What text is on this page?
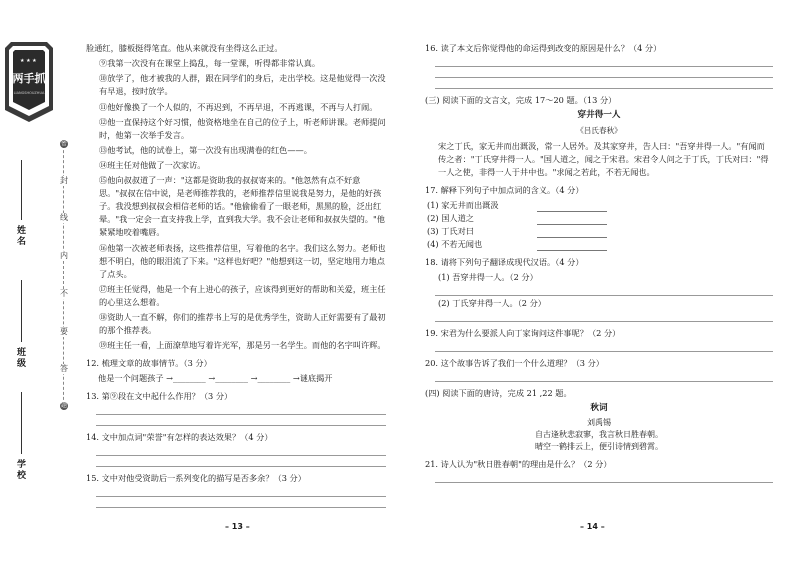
★ ★ ★
两手抓
LIANGSHOUZHUA
姓名
班级
学校
密
封
线
内
不
要
答
题

脸通红，膝板挺得笔直。他从来就没有坐得这么正过。

⑨我第一次没有在课堂上捣乱，每一堂课，听得都非常认真。

⑩放学了，他才被我的人群，跟在同学们的身后，走出学校。这是他觉得一次没有早退，按时放学。

⑪他好像换了一个人似的，不再迟到，不再早退，不再逃课，不再与人打闹。

⑫他一直保持这个好习惯，他资格地坐在自己的位子上，听老师讲课。老师提问时，他第一次举手发言。

⑬他考试，他的试卷上，第一次没有出现满卷的红色——。

⑭班主任对他做了一次家访。

⑮他向叔叔道了一声："这都是资助我的叔叔寄来的。"他忽然有点不好意思。"叔叔在信中说，是老师推荐我的，老师推荐信里说我是努力，是他的好孩子。我没想到叔叔会相信老师的话。"他偷偷看了一眼老师，黑黑的脸，泛出红晕。"我一定会一直支持我上学，直到我大学。我不会让老师和叔叔失望的。"他紧紧地咬着嘴唇。

⑯他第一次被老师表扬，这些推荐信里，写着他的名字。我们这么努力。老师也想不明白，他的眼泪流了下来。"这样也好吧？"他想到这一切，坚定地用力地点了点头。

⑰班主任觉得，他是一个有上进心的孩子，应该得到更好的帮助和关爱，班主任的心里这么想着。

⑱资助人一直不解，你们的推荐书上写的是优秀学生，资助人正好需要有了最初的那个推荐表。

⑲班主任一看，上面潦草地写着许光军，那是另一名学生。而他的名字叫许辉。

12. 梳理文章的故事情节。（3 分）

他是一个问题孩子 →________ →________ →________ →谜底揭开

13. 第⑨段在文中起什么作用？（3 分）

14. 文中加点词"荣誉"有怎样的表达效果？（4 分）

15. 文中对他受资助后一系列变化的描写是否多余？（3 分）

– 13 –

16. 读了本文后你觉得他的命运得到改变的原因是什么？（4 分）

(三) 阅读下面的文言文，完成 17～20 题。（13 分）

穿井得一人
《吕氏春秋》

宋之丁氏，家无井而出溉汲，常一人居外。及其家穿井，告人曰："吾穿井得一人。"有闻而传之者："丁氏穿井得一人。"国人道之，闻之于宋君。宋君令人问之于丁氏，丁氏对曰："得一人之使，非得一人于井中也。"求闻之若此，不若无闻也。

17. 解释下列句子中加点词的含义。（4 分）

(1) 家无井而出溉汲
(2) 国人道之
(3) 丁氏对曰
(4) 不若无闻也

18. 请将下列句子翻译成现代汉语。（4 分）

(1) 吾穿井得一人。（2 分）

(2) 丁氏穿井得一人。（2 分）

19. 宋君为什么要派人向丁家询问这件事呢？（2 分）

20. 这个故事告诉了我们一个什么道理？（3 分）

(四) 阅读下面的唐诗，完成 21 ,22 题。

秋词
刘禹锡
自古逢秋悲寂寥，我言秋日胜春朝。
晴空一鹤排云上，便引诗情到碧霄。

21. 诗人认为"秋日胜春朝"的理由是什么？（2 分）

– 14 –
